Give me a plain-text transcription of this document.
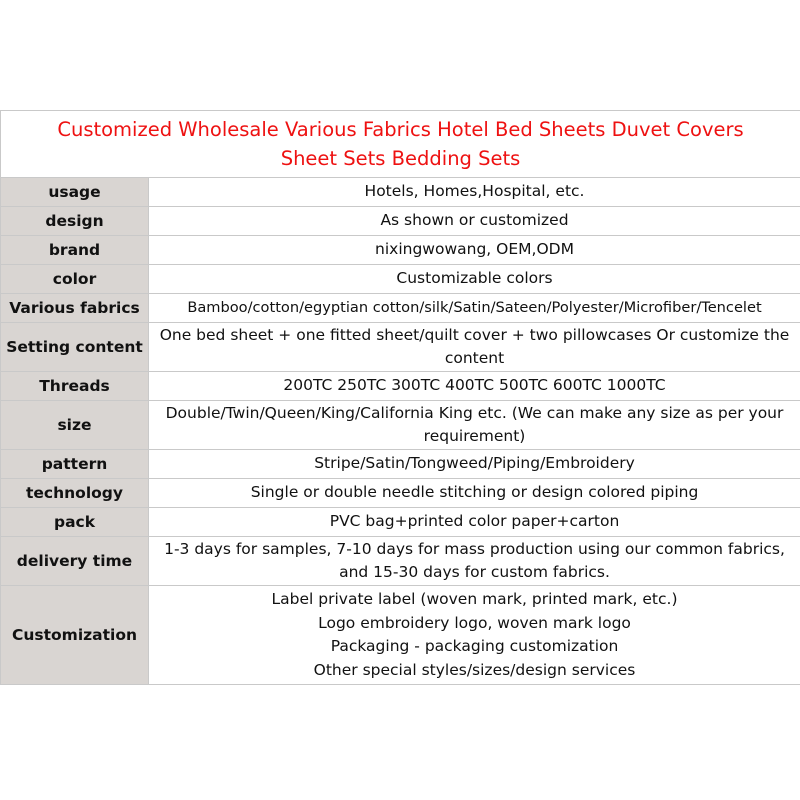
Customized Wholesale Various Fabrics Hotel Bed Sheets Duvet Covers
Sheet Sets Bedding Sets	

usage	Hotels, Homes,Hospital, etc.
design	As shown or customized
brand	nixingwowang, OEM,ODM
color	Customizable colors
Various fabrics	Bamboo/cotton/egyptian cotton/silk/Satin/Sateen/Polyester/Microfiber/Tencelet
Setting content	One bed sheet + one fitted sheet/quilt cover + two pillowcases Or customize the content
Threads	200TC 250TC 300TC 400TC 500TC 600TC 1000TC
size	Double/Twin/Queen/King/California King etc. (We can make any size as per your requirement)
pattern	Stripe/Satin/Tongweed/Piping/Embroidery
technology	Single or double needle stitching or design colored piping
pack	PVC bag+printed color paper+carton
delivery time	1-3 days for samples, 7-10 days for mass production using our common fabrics, and 15-30 days for custom fabrics.
Customization	Label private label (woven mark, printed mark, etc.)
Logo embroidery logo, woven mark logo
Packaging - packaging customization
Other special styles/sizes/design services
